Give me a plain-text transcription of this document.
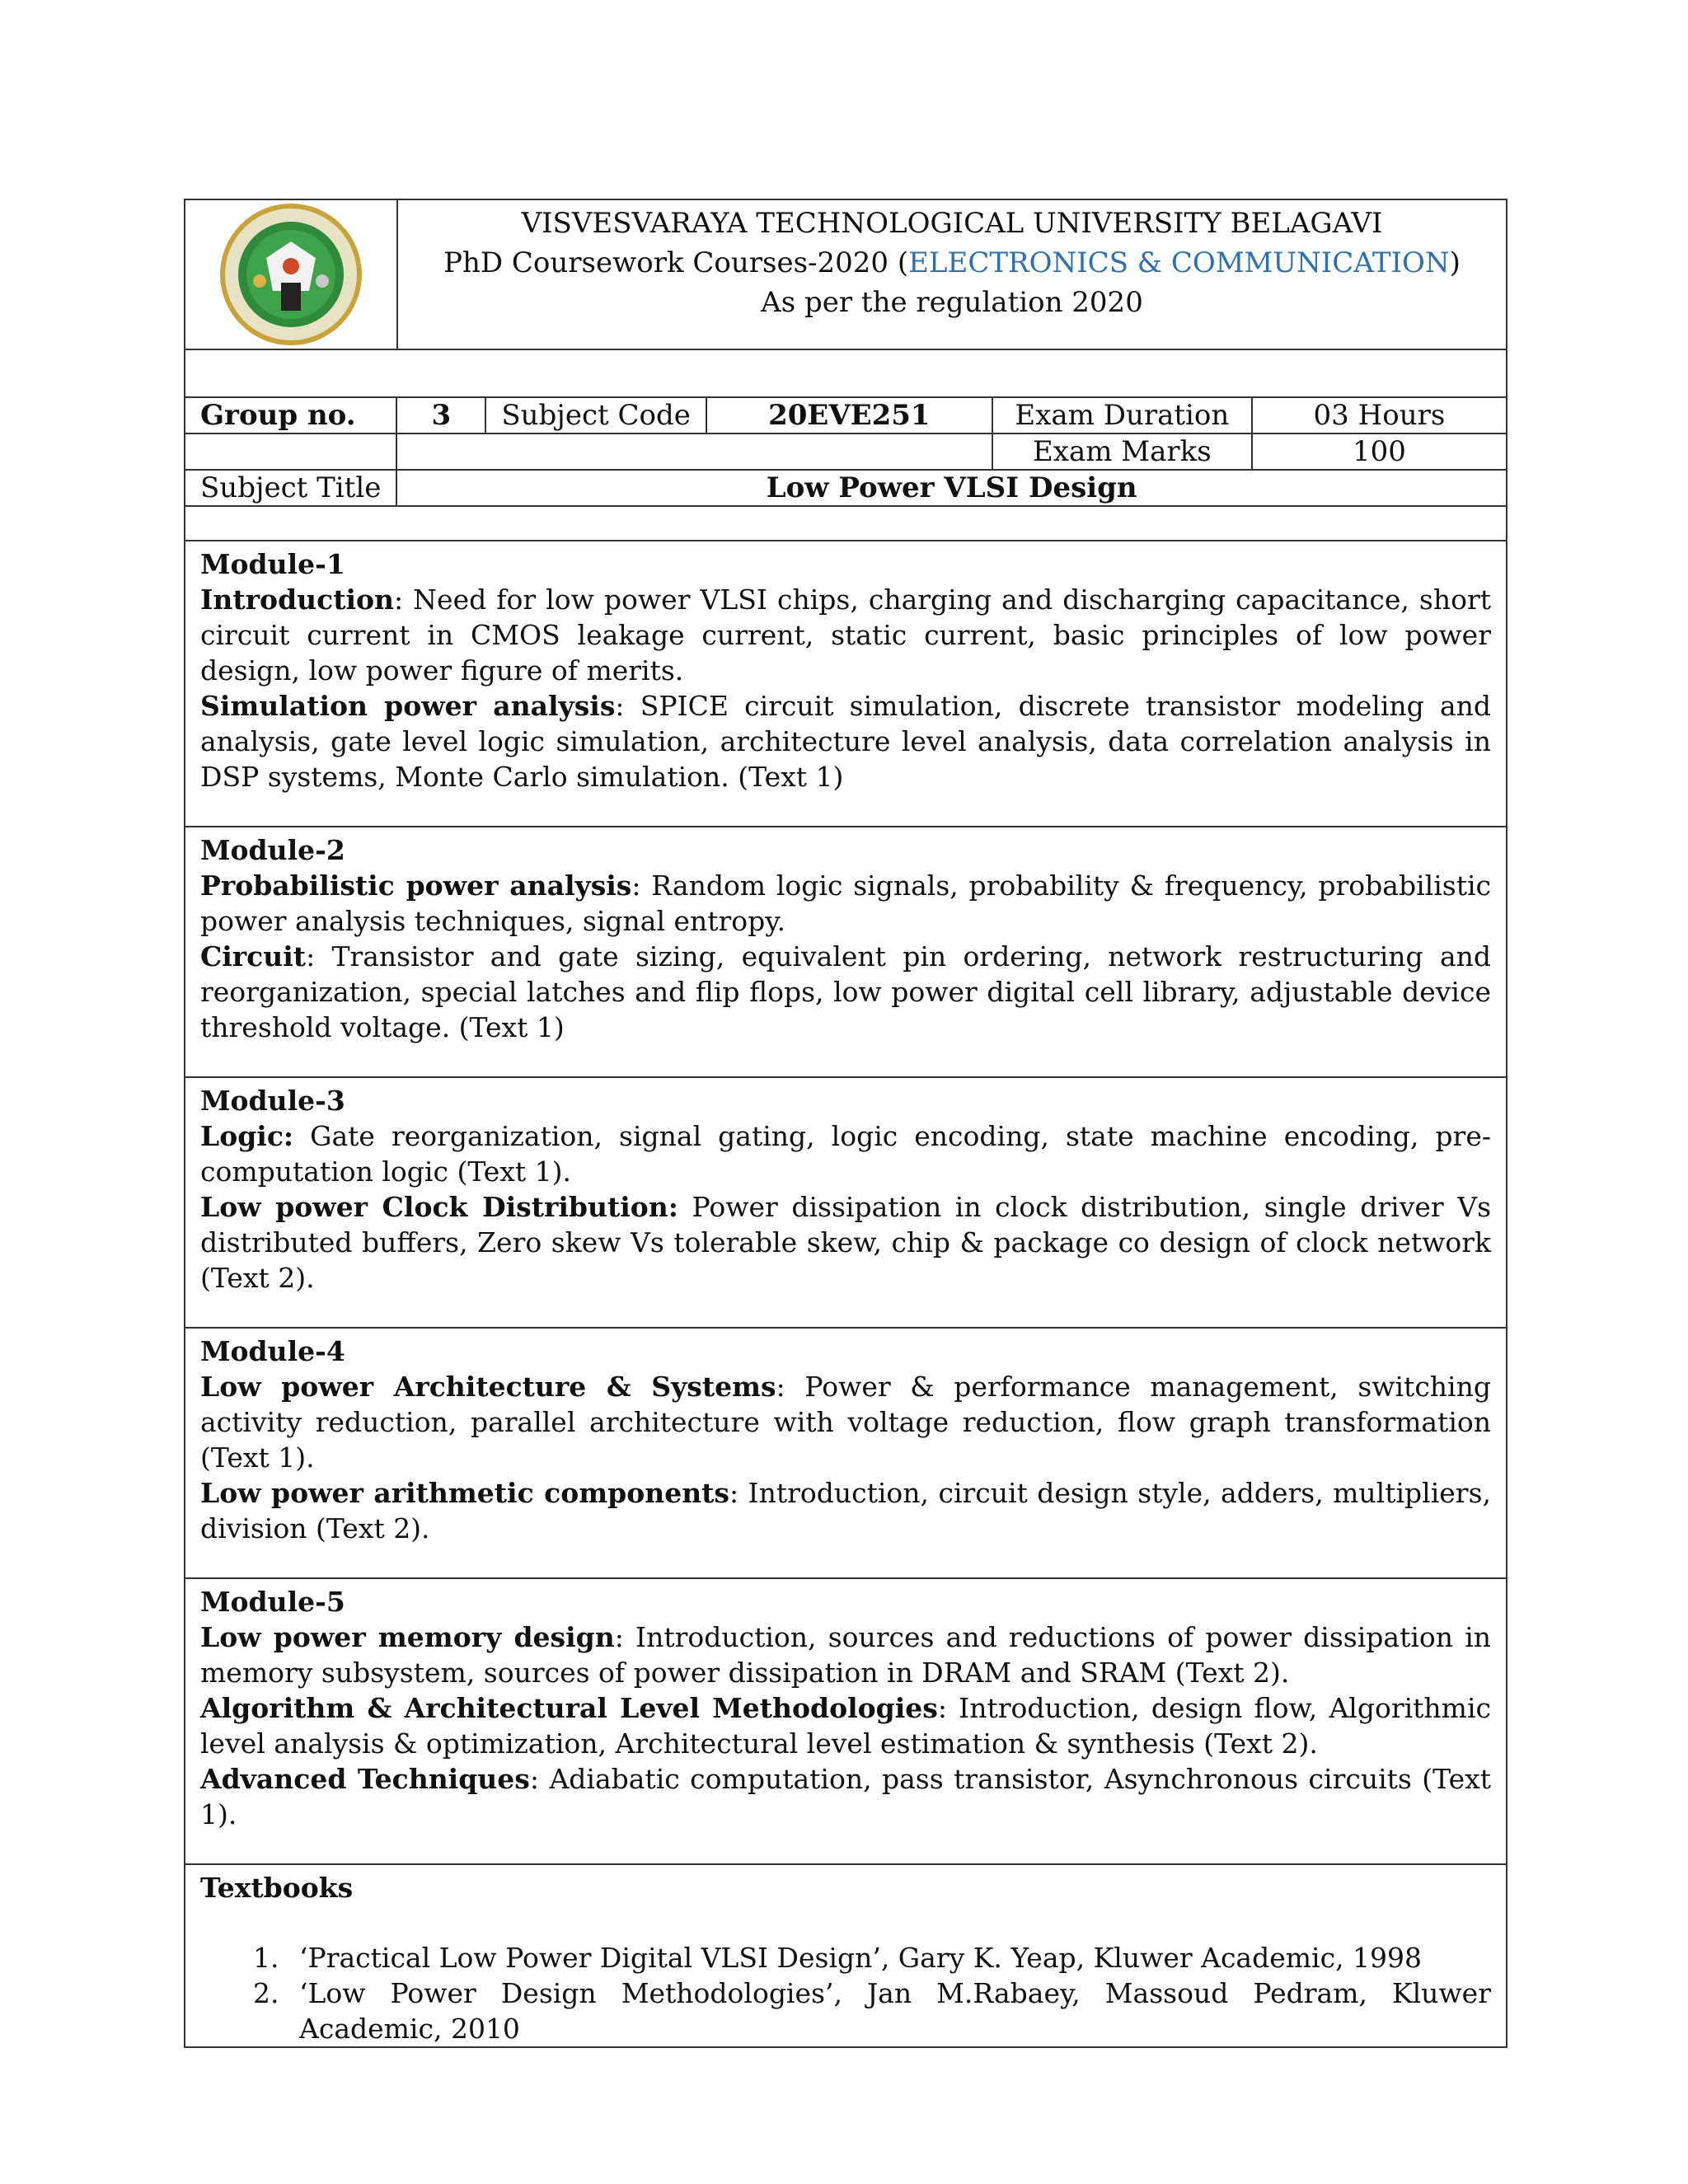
VISVESVARAYA TECHNOLOGICAL UNIVERSITY BELAGAVI
PhD Coursework Courses-2020 (ELECTRONICS & COMMUNICATION)
As per the regulation 2020
Group no.	3	Subject Code	20EVE251	Exam Duration	03 Hours
				Exam Marks	100
Subject Title	Low Power VLSI Design				
Module-1

Introduction: Need for low power VLSI chips, charging and discharging capacitance, short circuit current in CMOS leakage current, static current, basic principles of low power design, low power figure of merits.

Simulation power analysis: SPICE circuit simulation, discrete transistor modeling and analysis, gate level logic simulation, architecture level analysis, data correlation analysis in DSP systems, Monte Carlo simulation. (Text 1)

Module-2

Probabilistic power analysis: Random logic signals, probability & frequency, probabilistic power analysis techniques, signal entropy.

Circuit: Transistor and gate sizing, equivalent pin ordering, network restructuring and reorganization, special latches and flip flops, low power digital cell library, adjustable device threshold voltage. (Text 1)

Module-3

Logic: Gate reorganization, signal gating, logic encoding, state machine encoding, pre-computation logic (Text 1).

Low power Clock Distribution: Power dissipation in clock distribution, single driver Vs distributed buffers, Zero skew Vs tolerable skew, chip & package co design of clock network (Text 2).

Module-4

Low power Architecture & Systems: Power & performance management, switching activity reduction, parallel architecture with voltage reduction, flow graph transformation (Text 1).

Low power arithmetic components: Introduction, circuit design style, adders, multipliers, division (Text 2).

Module-5

Low power memory design: Introduction, sources and reductions of power dissipation in memory subsystem, sources of power dissipation in DRAM and SRAM (Text 2).

Algorithm & Architectural Level Methodologies: Introduction, design flow, Algorithmic level analysis & optimization, Architectural level estimation & synthesis (Text 2).

Advanced Techniques: Adiabatic computation, pass transistor, Asynchronous circuits (Text 1).

Textbooks
1. ‘Practical Low Power Digital VLSI Design’, Gary K. Yeap, Kluwer Academic, 1998
2. ‘Low Power Design Methodologies’, Jan M.Rabaey, Massoud Pedram, Kluwer Academic, 2010
